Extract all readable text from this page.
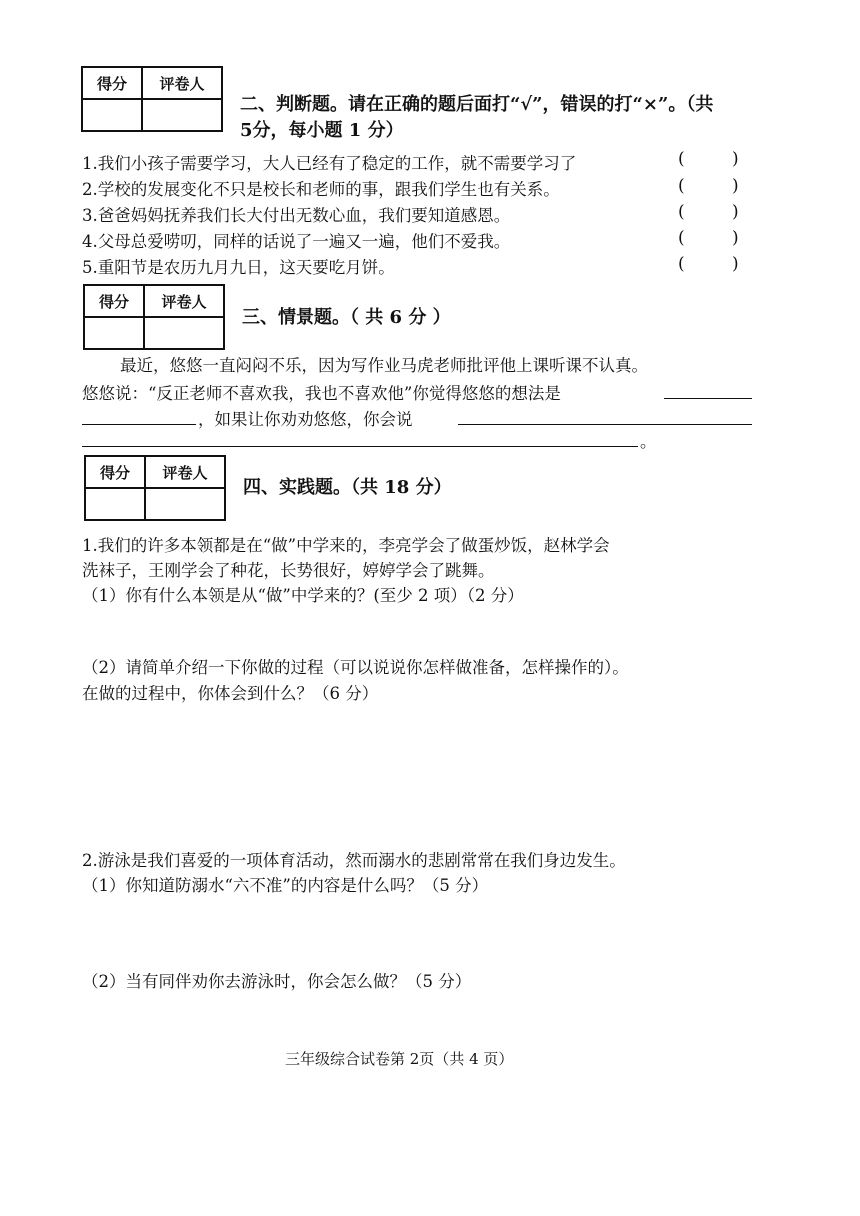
得分	评卷人

二、判断题。请在正确的题后面打“√”，错误的打“×”。（共
5分，每小题 1 分）
1.我们小孩子需要学习，大人已经有了稳定的工作，就不需要学习了
2.学校的发展变化不只是校长和老师的事，跟我们学生也有关系。
3.爸爸妈妈抚养我们长大付出无数心血，我们要知道感恩。
4.父母总爱唠叨，同样的话说了一遍又一遍，他们不爱我。
5.重阳节是农历九月九日，这天要吃月饼。
(	)
(	)
(	)
(	)
(	)
得分	评卷人

三、情景题。（ 共 6 分 ）
最近，悠悠一直闷闷不乐，因为写作业马虎老师批评他上课听课不认真。
悠悠说：“反正老师不喜欢我，我也不喜欢他”你觉得悠悠的想法是
，如果让你劝劝悠悠，你会说
。
得分	评卷人

四、实践题。（共 18 分）
1.我们的许多本领都是在“做”中学来的，李亮学会了做蛋炒饭，赵林学会
洗袜子，王刚学会了种花，长势很好，婷婷学会了跳舞。
（1）你有什么本领是从“做”中学来的？(至少 2 项）（2 分）
（2）请简单介绍一下你做的过程（可以说说你怎样做准备，怎样操作的）。
在做的过程中，你体会到什么？（6 分）
2.游泳是我们喜爱的一项体育活动，然而溺水的悲剧常常在我们身边发生。
（1）你知道防溺水“六不准”的内容是什么吗？（5 分）
（2）当有同伴劝你去游泳时，你会怎么做？（5 分）
三年级综合试卷第 2页（共 4 页）
